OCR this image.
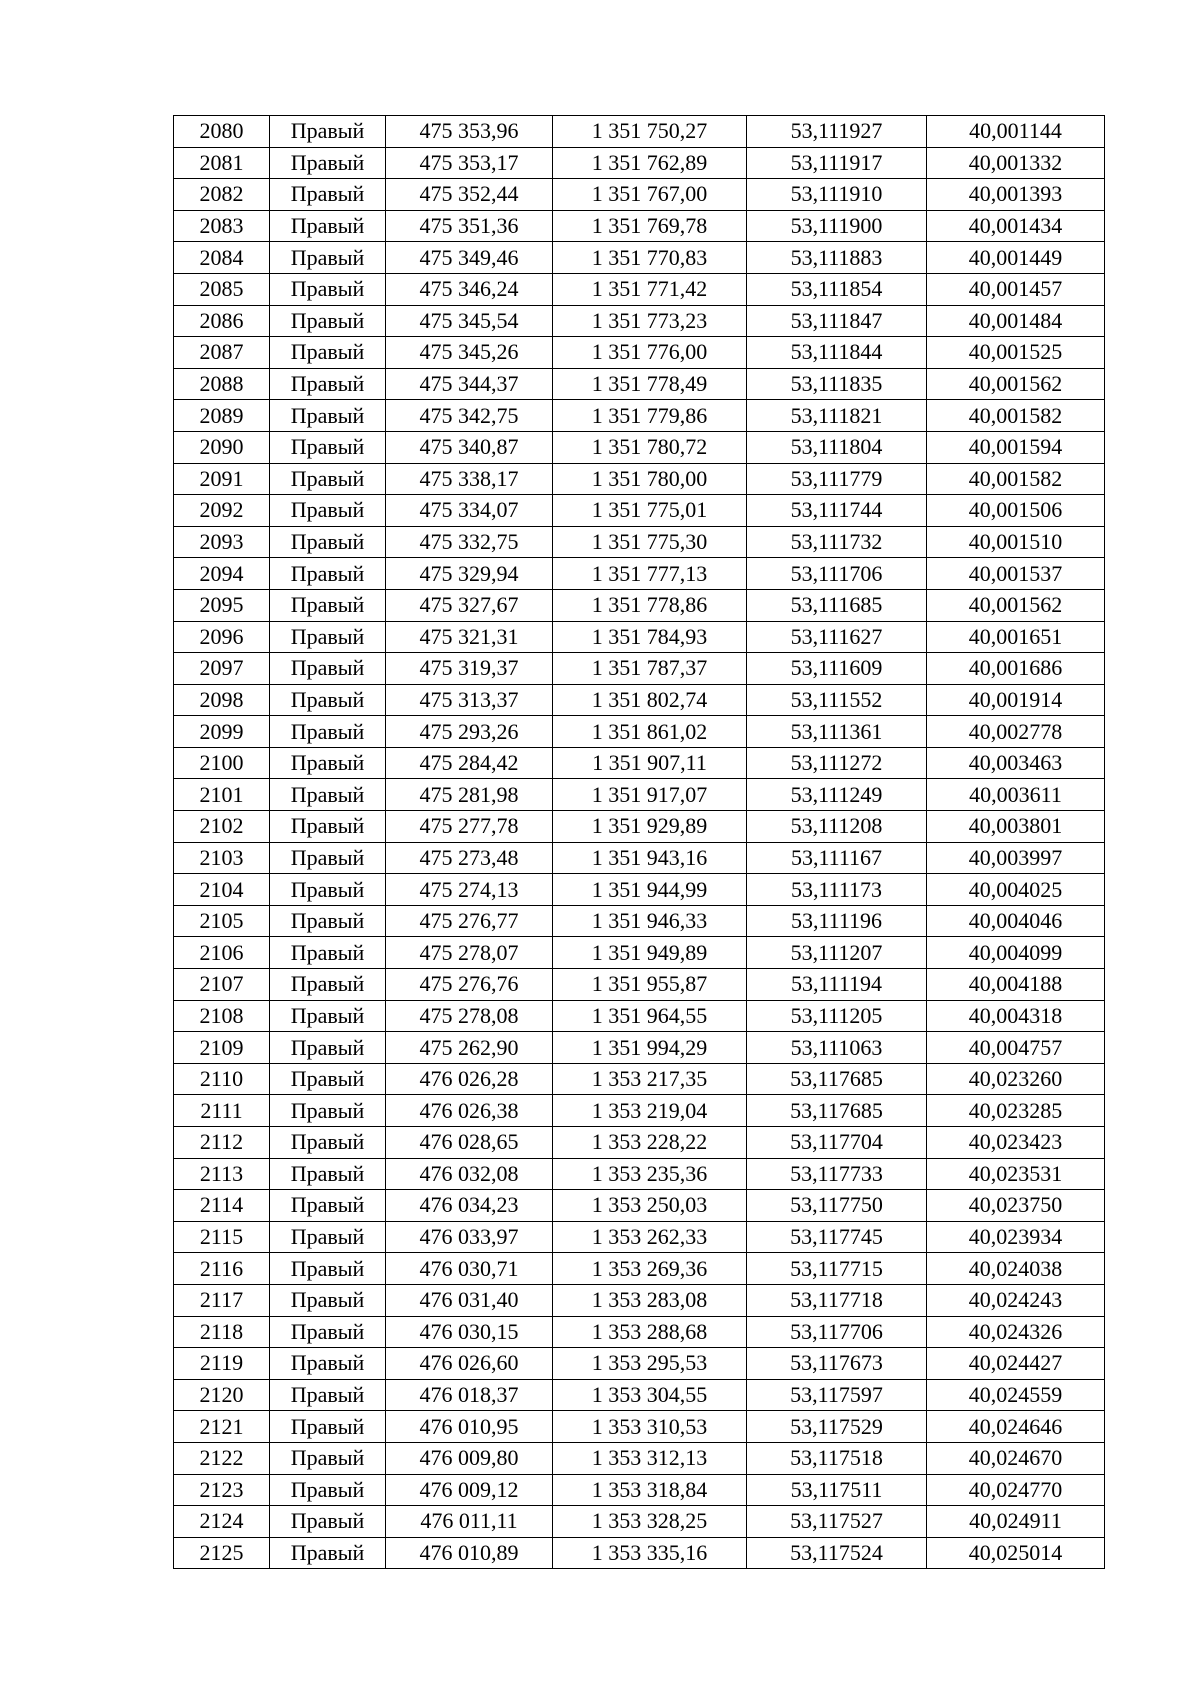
2080	Правый	475 353,96	1 351 750,27	53,111927	40,001144
2081	Правый	475 353,17	1 351 762,89	53,111917	40,001332
2082	Правый	475 352,44	1 351 767,00	53,111910	40,001393
2083	Правый	475 351,36	1 351 769,78	53,111900	40,001434
2084	Правый	475 349,46	1 351 770,83	53,111883	40,001449
2085	Правый	475 346,24	1 351 771,42	53,111854	40,001457
2086	Правый	475 345,54	1 351 773,23	53,111847	40,001484
2087	Правый	475 345,26	1 351 776,00	53,111844	40,001525
2088	Правый	475 344,37	1 351 778,49	53,111835	40,001562
2089	Правый	475 342,75	1 351 779,86	53,111821	40,001582
2090	Правый	475 340,87	1 351 780,72	53,111804	40,001594
2091	Правый	475 338,17	1 351 780,00	53,111779	40,001582
2092	Правый	475 334,07	1 351 775,01	53,111744	40,001506
2093	Правый	475 332,75	1 351 775,30	53,111732	40,001510
2094	Правый	475 329,94	1 351 777,13	53,111706	40,001537
2095	Правый	475 327,67	1 351 778,86	53,111685	40,001562
2096	Правый	475 321,31	1 351 784,93	53,111627	40,001651
2097	Правый	475 319,37	1 351 787,37	53,111609	40,001686
2098	Правый	475 313,37	1 351 802,74	53,111552	40,001914
2099	Правый	475 293,26	1 351 861,02	53,111361	40,002778
2100	Правый	475 284,42	1 351 907,11	53,111272	40,003463
2101	Правый	475 281,98	1 351 917,07	53,111249	40,003611
2102	Правый	475 277,78	1 351 929,89	53,111208	40,003801
2103	Правый	475 273,48	1 351 943,16	53,111167	40,003997
2104	Правый	475 274,13	1 351 944,99	53,111173	40,004025
2105	Правый	475 276,77	1 351 946,33	53,111196	40,004046
2106	Правый	475 278,07	1 351 949,89	53,111207	40,004099
2107	Правый	475 276,76	1 351 955,87	53,111194	40,004188
2108	Правый	475 278,08	1 351 964,55	53,111205	40,004318
2109	Правый	475 262,90	1 351 994,29	53,111063	40,004757
2110	Правый	476 026,28	1 353 217,35	53,117685	40,023260
2111	Правый	476 026,38	1 353 219,04	53,117685	40,023285
2112	Правый	476 028,65	1 353 228,22	53,117704	40,023423
2113	Правый	476 032,08	1 353 235,36	53,117733	40,023531
2114	Правый	476 034,23	1 353 250,03	53,117750	40,023750
2115	Правый	476 033,97	1 353 262,33	53,117745	40,023934
2116	Правый	476 030,71	1 353 269,36	53,117715	40,024038
2117	Правый	476 031,40	1 353 283,08	53,117718	40,024243
2118	Правый	476 030,15	1 353 288,68	53,117706	40,024326
2119	Правый	476 026,60	1 353 295,53	53,117673	40,024427
2120	Правый	476 018,37	1 353 304,55	53,117597	40,024559
2121	Правый	476 010,95	1 353 310,53	53,117529	40,024646
2122	Правый	476 009,80	1 353 312,13	53,117518	40,024670
2123	Правый	476 009,12	1 353 318,84	53,117511	40,024770
2124	Правый	476 011,11	1 353 328,25	53,117527	40,024911
2125	Правый	476 010,89	1 353 335,16	53,117524	40,025014
